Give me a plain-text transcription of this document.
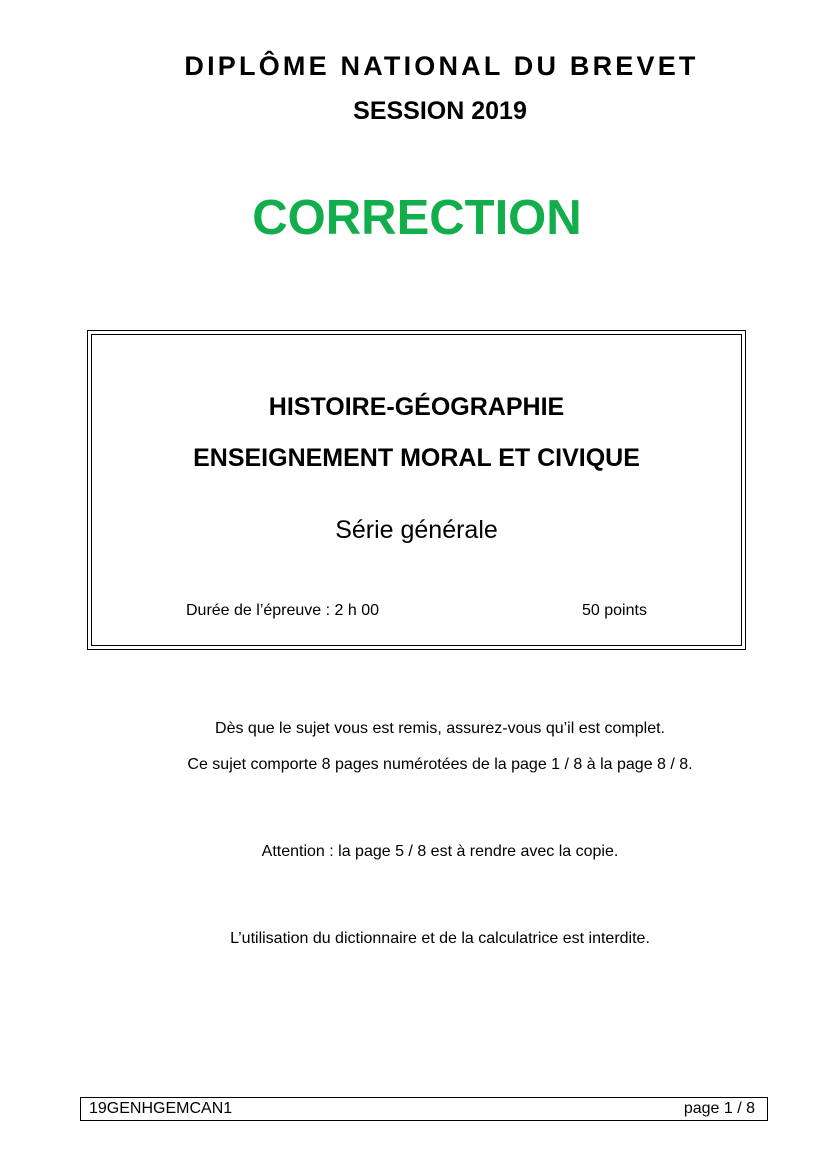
DIPLÔME NATIONAL DU BREVET
SESSION 2019
CORRECTION
HISTOIRE-GÉOGRAPHIE
ENSEIGNEMENT MORAL ET CIVIQUE
Série générale
Durée de l’épreuve : 2 h 00	50 points
Dès que le sujet vous est remis, assurez-vous qu’il est complet.
Ce sujet comporte 8 pages numérotées de la page 1 / 8 à la page 8 / 8.
Attention : la page 5 / 8 est à rendre avec la copie.
L’utilisation du dictionnaire et de la calculatrice est interdite.
19GENHGEMCAN1	page 1 / 8
